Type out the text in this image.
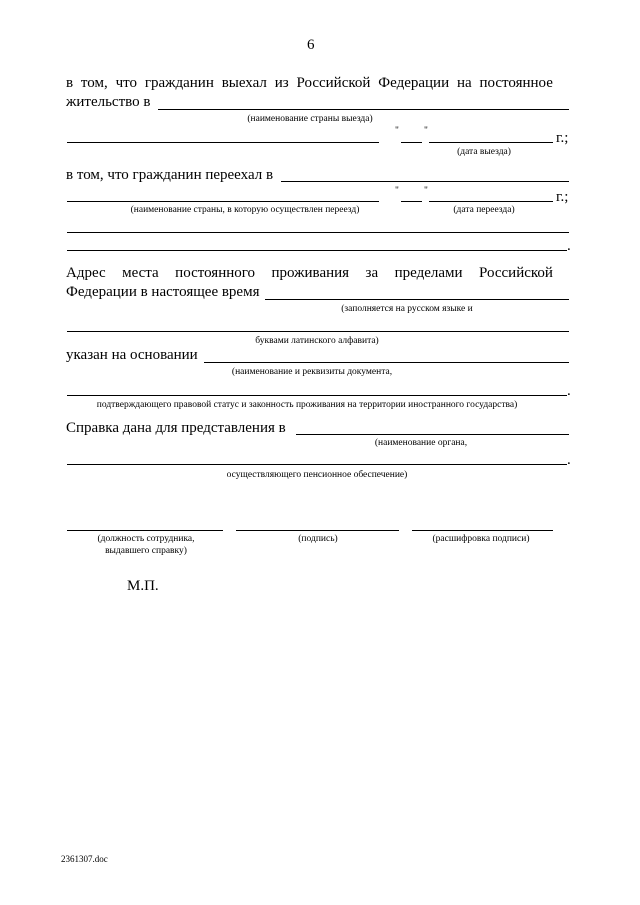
6
в том, что гражданин выехал из Российской Федерации на постоянное
жительство в
(наименование страны выезда)
"	"	г.;
(дата выезда)
в том, что гражданин переехал в
"	"	г.;
(наименование страны, в которую осуществлен переезд)	(дата переезда)
.
Адрес места постоянного проживания за пределами Российской
Федерации в настоящее время
(заполняется на русском языке и
буквами латинского алфавита)
указан на основании
(наименование и реквизиты документа,
.
подтверждающего правовой статус и законность проживания на территории иностранного государства)
Справка дана для представления в
(наименование органа,
.
осуществляющего пенсионное обеспечение)
(должность сотрудника,
выдавшего справку)
(подпись)	(расшифровка подписи)
М.П.
2361307.doc
